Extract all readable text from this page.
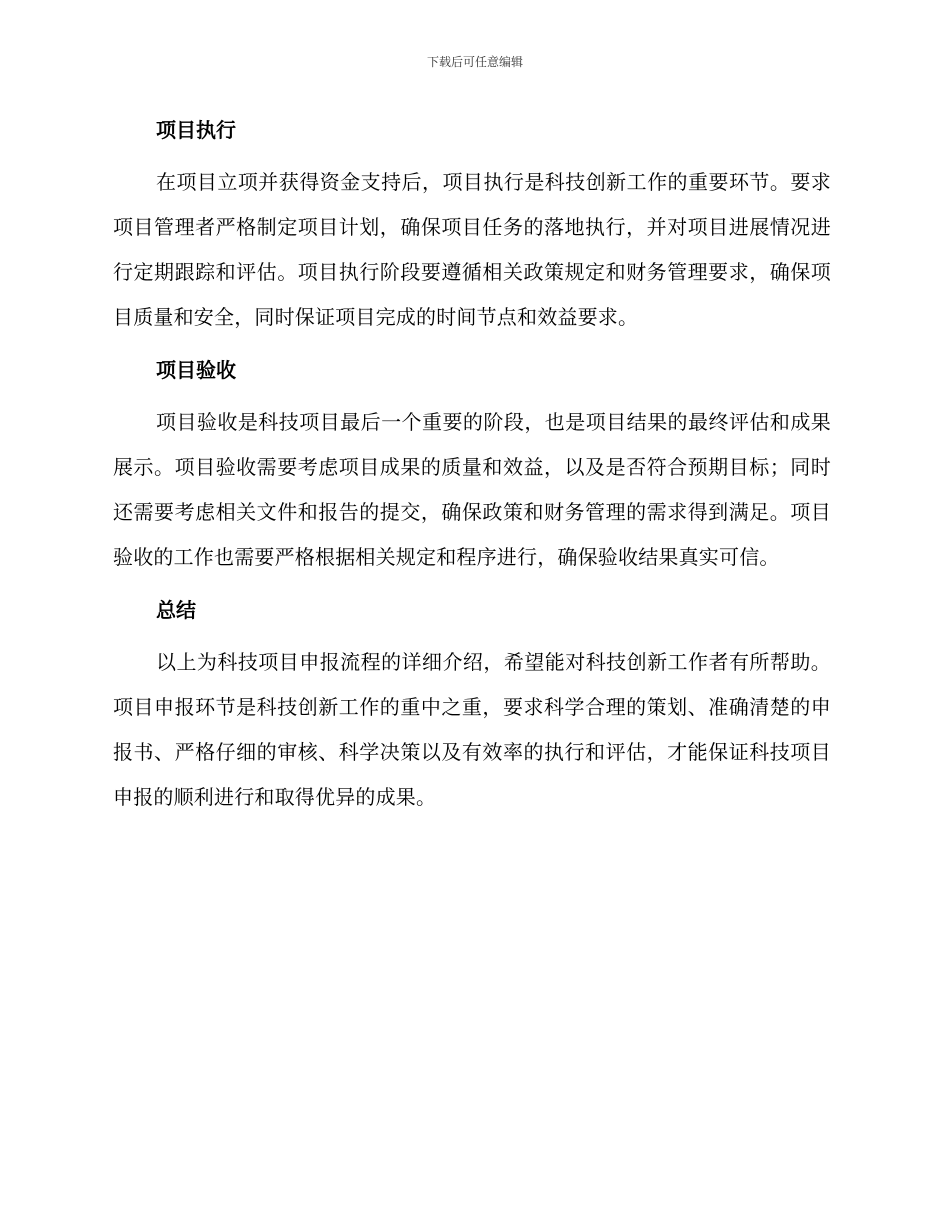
下载后可任意编辑
项目执行

在项目立项并获得资金支持后，项目执行是科技创新工作的重要环节。要求项目管理者严格制定项目计划，确保项目任务的落地执行，并对项目进展情况进行定期跟踪和评估。项目执行阶段要遵循相关政策规定和财务管理要求，确保项目质量和安全，同时保证项目完成的时间节点和效益要求。

项目验收

项目验收是科技项目最后一个重要的阶段，也是项目结果的最终评估和成果展示。项目验收需要考虑项目成果的质量和效益，以及是否符合预期目标；同时还需要考虑相关文件和报告的提交，确保政策和财务管理的需求得到满足。项目验收的工作也需要严格根据相关规定和程序进行，确保验收结果真实可信。

总结

以上为科技项目申报流程的详细介绍，希望能对科技创新工作者有所帮助。项目申报环节是科技创新工作的重中之重，要求科学合理的策划、准确清楚的申报书、严格仔细的审核、科学决策以及有效率的执行和评估，才能保证科技项目申报的顺利进行和取得优异的成果。
